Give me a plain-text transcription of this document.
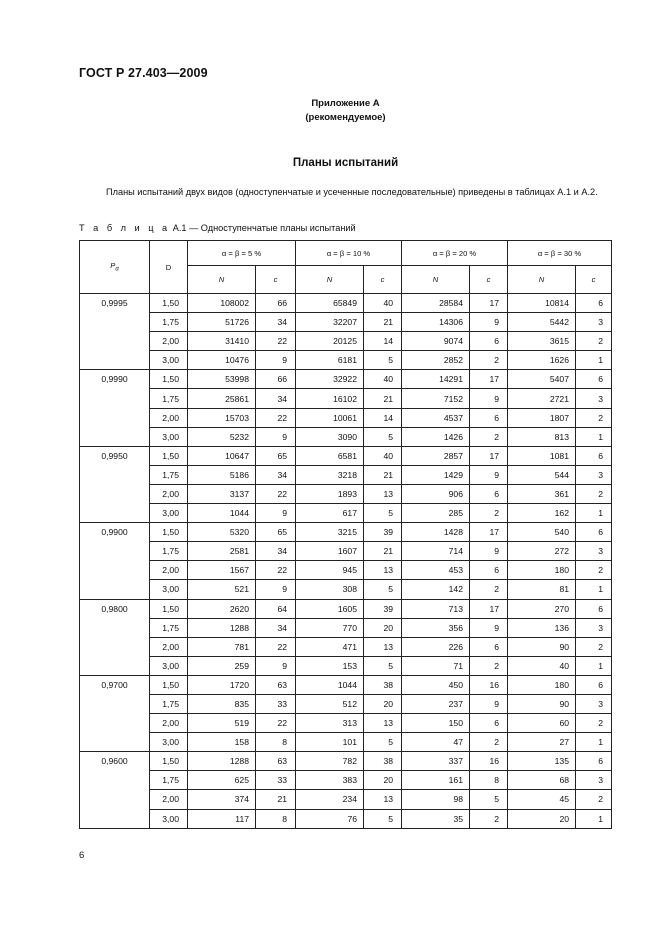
ГОСТ Р 27.403—2009
Приложение А
(рекомендуемое)
Планы испытаний
Планы испытаний двух видов (одноступенчатые и усеченные последовательные) приведены в таблицах А.1 и А.2.
Т а б л и ц а А.1 — Одноступенчатые планы испытаний
$P_\alpha$	D	α = β = 5 %		α = β = 10 %		α = β = 20 %		α = β = 30 %	
		N	c	N	c	N	c	N	c
0,9995	1,50	108002	66	65849	40	28584	17	10814	6
	1,75	51726	34	32207	21	14306	9	5442	3
	2,00	31410	22	20125	14	9074	6	3615	2
	3,00	10476	9	6181	5	2852	2	1626	1
0,9990	1,50	53998	66	32922	40	14291	17	5407	6
	1,75	25861	34	16102	21	7152	9	2721	3
	2,00	15703	22	10061	14	4537	6	1807	2
	3,00	5232	9	3090	5	1426	2	813	1
0,9950	1,50	10647	65	6581	40	2857	17	1081	6
	1,75	5186	34	3218	21	1429	9	544	3
	2,00	3137	22	1893	13	906	6	361	2
	3,00	1044	9	617	5	285	2	162	1
0,9900	1,50	5320	65	3215	39	1428	17	540	6
	1,75	2581	34	1607	21	714	9	272	3
	2,00	1567	22	945	13	453	6	180	2
	3,00	521	9	308	5	142	2	81	1
0,9800	1,50	2620	64	1605	39	713	17	270	6
	1,75	1288	34	770	20	356	9	136	3
	2,00	781	22	471	13	226	6	90	2
	3,00	259	9	153	5	71	2	40	1
0,9700	1,50	1720	63	1044	38	450	16	180	6
	1,75	835	33	512	20	237	9	90	3
	2,00	519	22	313	13	150	6	60	2
	3,00	158	8	101	5	47	2	27	1
0,9600	1,50	1288	63	782	38	337	16	135	6
	1,75	625	33	383	20	161	8	68	3
	2,00	374	21	234	13	98	5	45	2
	3,00	117	8	76	5	35	2	20	1
6
